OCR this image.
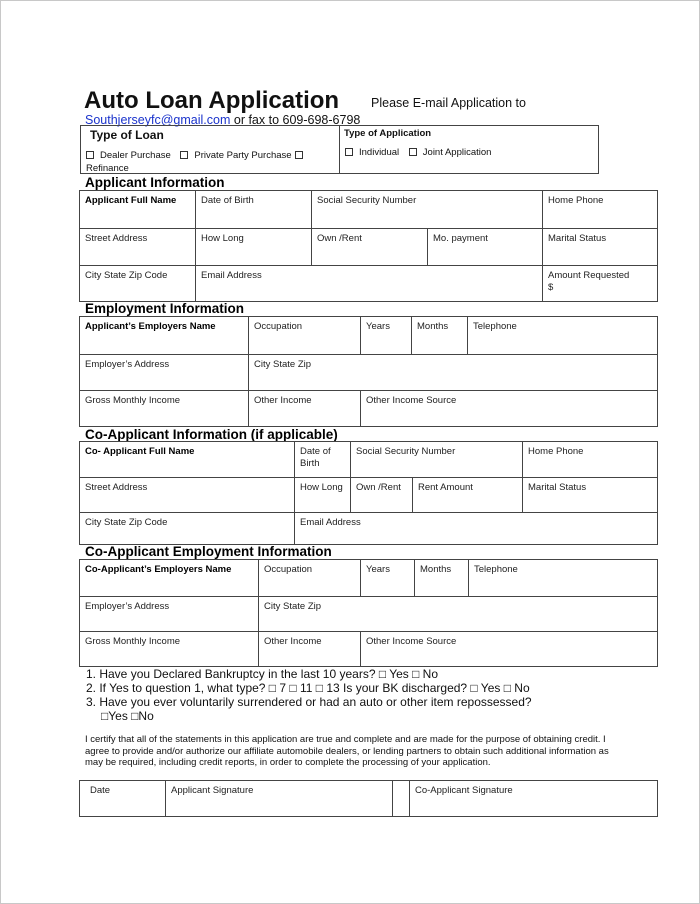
Auto Loan Application	Please E-mail Application to
Southjerseyfc@gmail.com or fax to 609-698-6798
Type of Loan
Dealer Purchase Private Party Purchase
Refinance
Type of Application
Individual Joint Application
Applicant Information
Applicant Full Name	Date of Birth	Social Security Number		Home Phone
Street Address	How Long	Own /Rent	Mo. payment	Marital Status
City State Zip Code	Email Address			Amount Requested
$
Employment Information
Applicant’s Employers Name	Occupation	Years	Months	Telephone
Employer’s Address	City State Zip			
Gross Monthly Income	Other Income	Other Income Source		
Co-Applicant Information (if applicable)
Co- Applicant Full Name	Date of Birth	Social Security Number		Home Phone
Street Address	How Long	Own /Rent	Rent Amount	Marital Status
City State Zip Code	Email Address			
Co-Applicant Employment Information
Co-Applicant’s Employers Name	Occupation	Years	Months	Telephone
Employer’s Address	City State Zip			
Gross Monthly Income	Other Income	Other Income Source		
1. Have you Declared Bankruptcy in the last 10 years? □ Yes □ No
2. If Yes to question 1, what type? □ 7 □ 11 □ 13 Is your BK discharged? □ Yes □ No
3. Have you ever voluntarily surrendered or had an auto or other item repossessed?
□Yes □No
I certify that all of the statements in this application are true and complete and are made for the purpose of obtaining credit. I agree to provide and/or authorize our affiliate automobile dealers, or lending partners to obtain such additional information as may be required, including credit reports, in order to complete the processing of your application.
Date	Applicant Signature		Co-Applicant Signature
